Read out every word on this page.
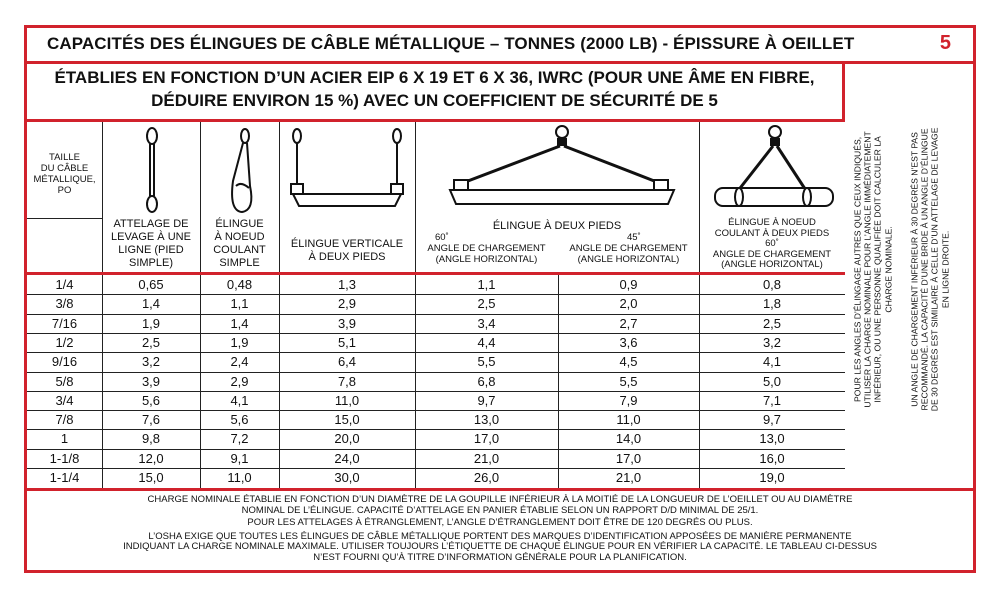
CAPACITÉS DES ÉLINGUES DE CÂBLE MÉTALLIQUE – TONNES (2000 LB) - ÉPISSURE À OEILLET	5
ÉTABLIES EN FONCTION D’UN ACIER EIP 6 X 19 ET 6 X 36, IWRC (POUR UNE ÂME EN FIBRE,
DÉDUIRE ENVIRON 15 %) AVEC UN COEFFICIENT DE SÉCURITÉ DE 5
POUR LES ANGLES D’ÉLINGAGE AUTRES QUE CEUX INDIQUÉS, UTILISER LA CHARGE NOMINALE POUR L’ANGLE IMMÉDIATEMENT INFÉRIEUR, OU UNE PERSONNE QUALIFIÉE DOIT CALCULER LA CHARGE NOMINALE. UN ANGLE DE CHARGEMENT INFÉRIEUR À 30 DEGRÉS N’EST PAS RECOMMANDÉ. LA CAPACITÉ D’UNE BRIDE À UN ANGLE D’ÉLINGUE DE 30 DEGRÉS EST SIMILAIRE À CELLE D’UN ATTELAGE DE LEVAGE EN LIGNE DROITE.
TAILLE
DU CÂBLE
MÉTALLIQUE,
PO
ATTELAGE DE
LEVAGE À UNE
LIGNE (PIED
SIMPLE)
ÉLINGUE
À NOEUD
COULANT
SIMPLE
ÉLINGUE VERTICALE
À DEUX PIEDS
ÉLINGUE À DEUX PIEDS
60˚	45˚
ANGLE DE CHARGEMENT
(ANGLE HORIZONTAL)
ANGLE DE CHARGEMENT
(ANGLE HORIZONTAL)
ÉLINGUE À NOEUD
COULANT À DEUX PIEDS
60˚
ANGLE DE CHARGEMENT
(ANGLE HORIZONTAL)
1/4	0,65	0,48	1,3	1,1	0,9	0,8
3/8	1,4	1,1	2,9	2,5	2,0	1,8
7/16	1,9	1,4	3,9	3,4	2,7	2,5
1/2	2,5	1,9	5,1	4,4	3,6	3,2
9/16	3,2	2,4	6,4	5,5	4,5	4,1
5/8	3,9	2,9	7,8	6,8	5,5	5,0
3/4	5,6	4,1	11,0	9,7	7,9	7,1
7/8	7,6	5,6	15,0	13,0	11,0	9,7
1	9,8	7,2	20,0	17,0	14,0	13,0
1-1/8	12,0	9,1	24,0	21,0	17,0	16,0
1-1/4	15,0	11,0	30,0	26,0	21,0	19,0

CHARGE NOMINALE ÉTABLIE EN FONCTION D’UN DIAMÈTRE DE LA GOUPILLE INFÉRIEUR À LA MOITIÉ DE LA LONGUEUR DE L’OEILLET OU AU DIAMÈTRE

NOMINAL DE L’ÉLINGUE. CAPACITÉ D’ATTELAGE EN PANIER ÉTABLIE SELON UN RAPPORT D/D MINIMAL DE 25/1.

POUR LES ATTELAGES À ÉTRANGLEMENT, L’ANGLE D’ÉTRANGLEMENT DOIT ÊTRE DE 120 DEGRÉS OU PLUS.

L’OSHA EXIGE QUE TOUTES LES ÉLINGUES DE CÂBLE MÉTALLIQUE PORTENT DES MARQUES D’IDENTIFICATION APPOSÉES DE MANIÈRE PERMANENTE

INDIQUANT LA CHARGE NOMINALE MAXIMALE. UTILISER TOUJOURS L’ÉTIQUETTE DE CHAQUE ÉLINGUE POUR EN VÉRIFIER LA CAPACITÉ. LE TABLEAU CI-DESSUS

N’EST FOURNI QU’À TITRE D’INFORMATION GÉNÉRALE POUR LA PLANIFICATION.
